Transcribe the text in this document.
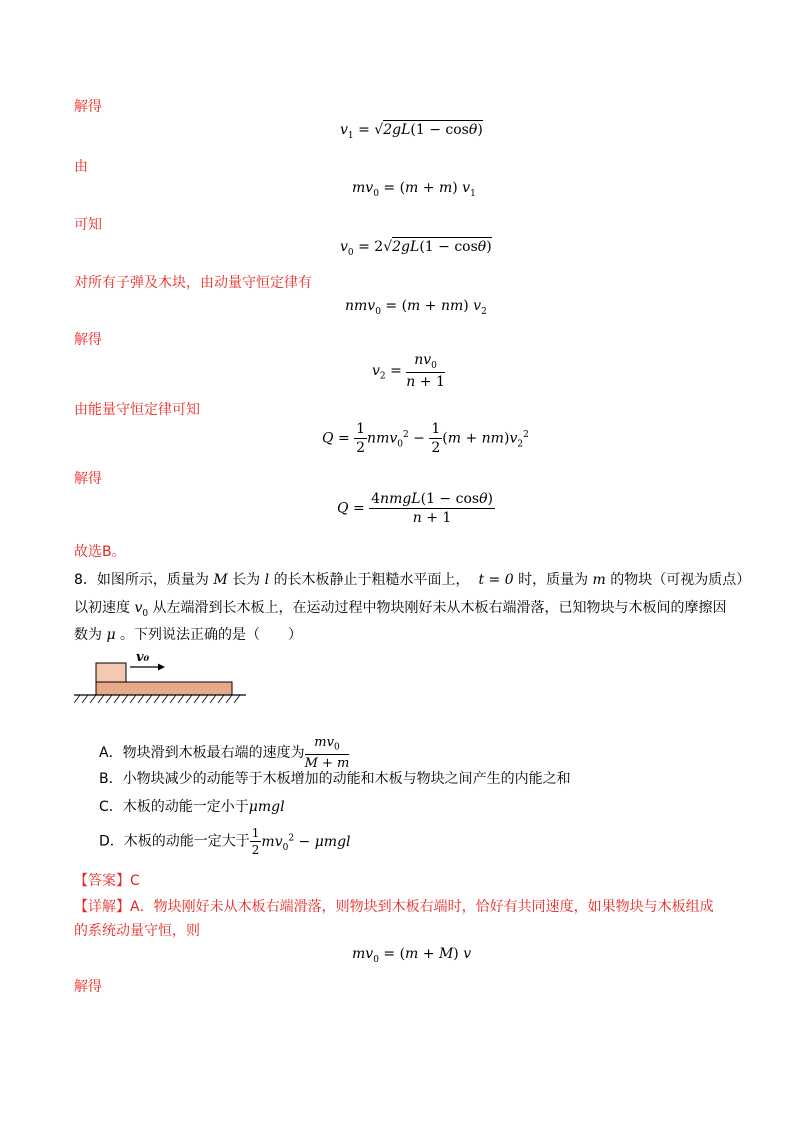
解得
由
可知
对所有子弹及木块，由动量守恒定律有
解得
由能量守恒定律可知
解得
故选B。
$v_1 = √2gL(1 - \cos\theta)$
$mv_0 = (m + m)$ $v_1$
$v_0 = 2√2gL(1 - \cos\theta)$
nmv$_0$ = (m + nm) $v_2$
$v_2 = \frac{nv_0}{n + 1}$
$Q = \frac{1}{2} nmv_0^2 - \frac{1}{2} (m + nm)v_2^2$
$Q = \frac{\text{4nmgL(1 − cosθ)}}{n + 1}$
8．如图所示，质量为 M 长为 l 的长木板静止于粗糙水平面上，  t = 0 时，质量为 m 的物块（可视为质点）
以初速度 $v_0$ 从左端滑到长木板上，在运动过程中物块刚好未从木板右端滑落，已知物块与木板间的摩擦因
数为 μ 。下列说法正确的是（　　）
v₀
A．物块滑到木板最右端的速度为 $\frac{mv_0}{M + m}$
B．小物块减少的动能等于木板增加的动能和木板与物块之间产生的内能之和
C．木板的动能一定小于μmgl
D．木板的动能一定大于 $\frac{1}{2} mv_0^2 - \mu mgl$
【答案】C
【详解】A．物块刚好未从木板右端滑落，则物块到木板右端时，恰好有共同速度，如果物块与木板组成
的系统动量守恒，则
$mv_0 = (m + M)$ v
解得
